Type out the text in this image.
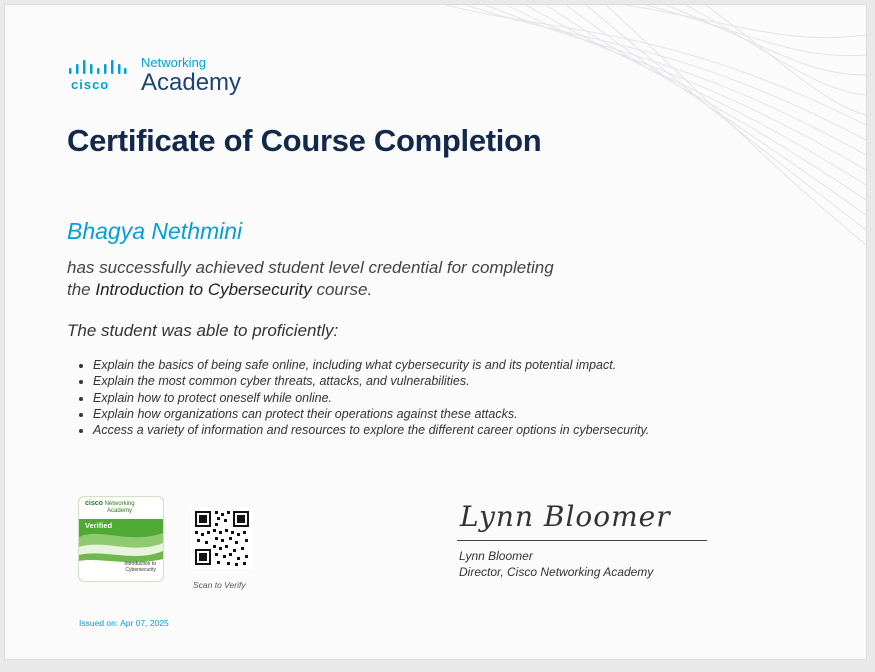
cisco
Networking
Academy
Certificate of Course Completion
Bhagya Nethmini
has successfully achieved student level credential for completing
the Introduction to Cybersecurity course.
The student was able to proficiently:
• Explain the basics of being safe online, including what cybersecurity is and its potential impact.
• Explain the most common cyber threats, attacks, and vulnerabilities.
• Explain how to protect oneself while online.
• Explain how organizations can protect their operations against these attacks.
• Access a variety of information and resources to explore the different career options in cybersecurity.
cisco Networking
Academy
Verified
Introduction to
Cybersecurity
Scan to Verify
Lynn Bloomer
Lynn Bloomer
Director, Cisco Networking Academy
Issued on: Apr 07, 2025
